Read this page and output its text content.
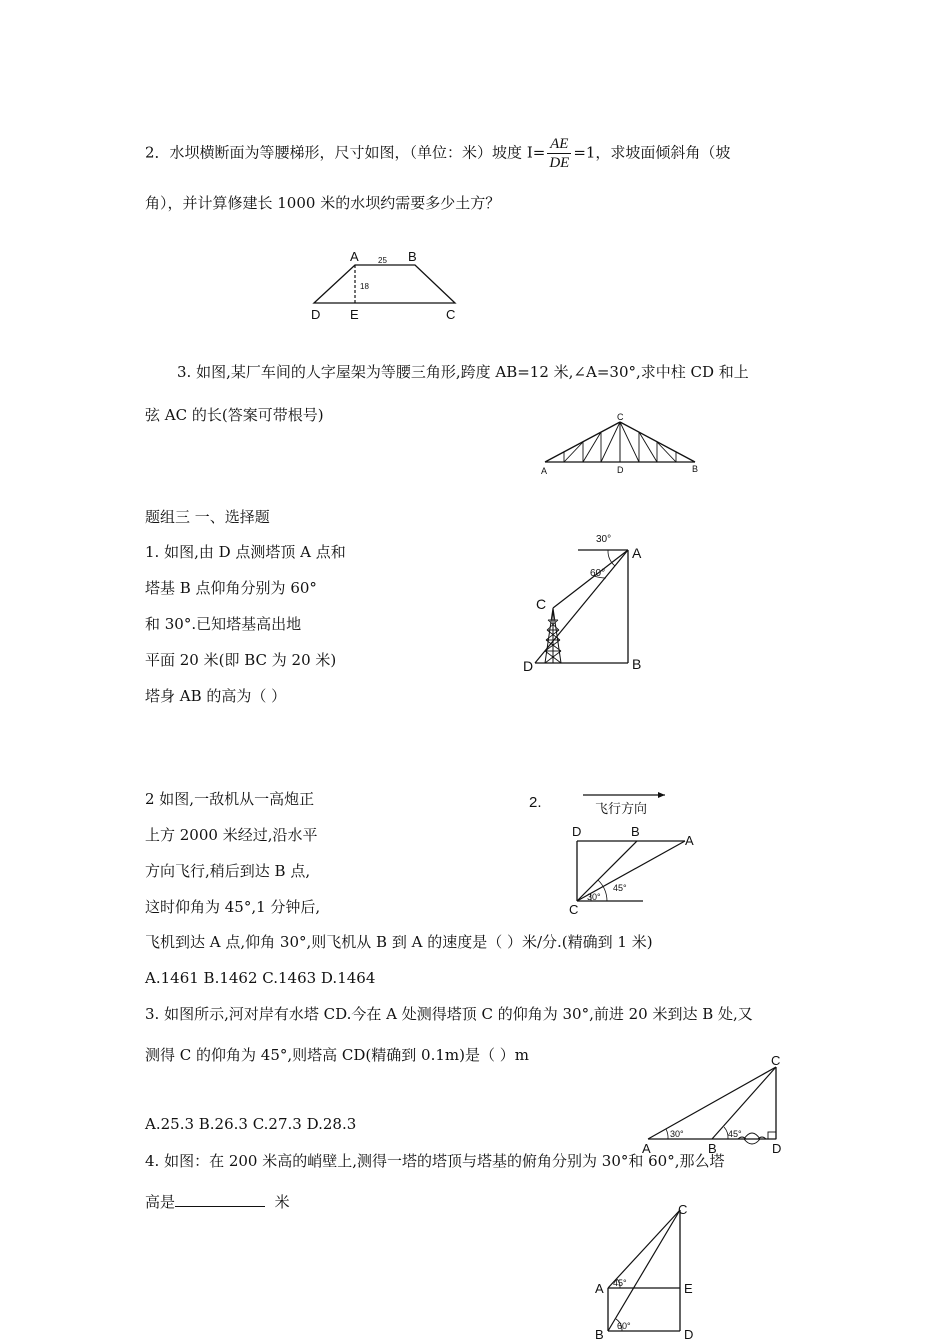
2．水坝横断面为等腰梯形，尺寸如图，（单位：米）坡度 $I= \frac{AE}{DE} =1$，求坡面倾斜角（坡
角），并计算修建长 1000 米的水坝约需要多少土方？
A	B
D E	C
25
18
3. 如图,某厂车间的人字屋架为等腰三角形,跨度 AB=12 米,∠A=30°,求中柱 CD 和上
弦 AC 的长(答案可带根号)	C
A	D	B
题组三 一、选择题
1. 如图,由 D 点测塔顶 A 点和
塔基 B 点仰角分别为 60°
和 30°.已知塔基高出地
平面 20 米(即 BC 为 20 米)
塔身 AB 的高为（ ）
30°
60°
A
C
D	B
2 如图,一敌机从一高炮正
上方 2000 米经过,沿水平
方向飞行,稍后到达 B 点,
这时仰角为 45°,1 分钟后,
飞机到达 A 点,仰角 30°,则飞机从 B 到 A 的速度是（ ）米/分.(精确到 1 米)
A.1461 B.1462 C.1463 D.1464
2.	飞行方向
30°
45°
D	B
A
C
3. 如图所示,河对岸有水塔 CD.今在 A 处测得塔顶 C 的仰角为 30°,前进 20 米到达 B 处,又
测得 C 的仰角为 45°,则塔高 CD(精确到 0.1m)是（ ）m
A.25.3 B.26.3 C.27.3 D.28.3
30°	45°
C
A	B	D
4. 如图：在 200 米高的峭壁上,测得一塔的塔顶与塔基的俯角分别为 30°和 60°,那么塔
高是	米
45°
60°
C
A	E
B	D
